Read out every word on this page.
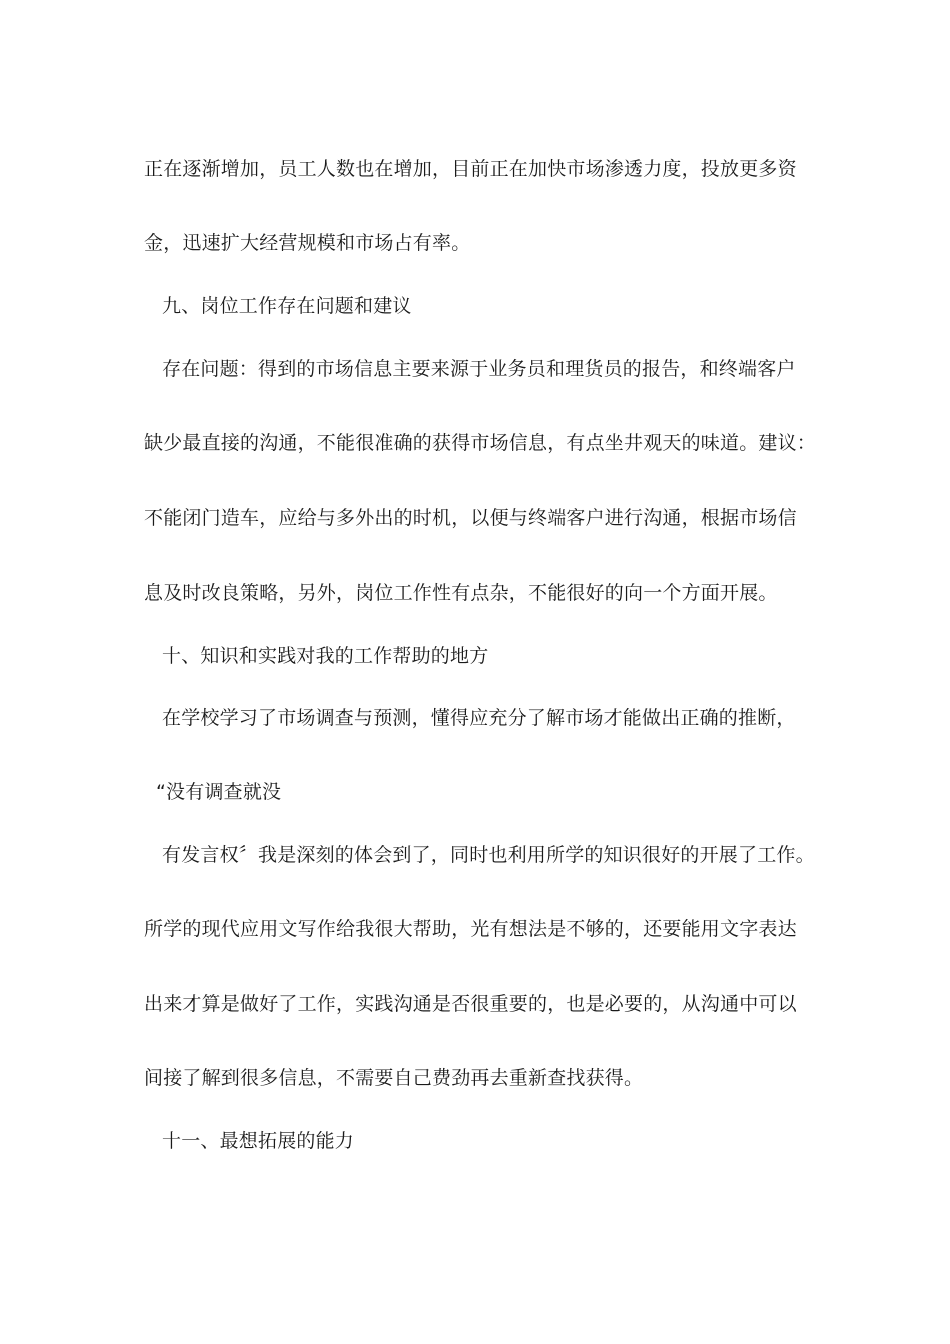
正在逐渐增加，员工人数也在增加，目前正在加快市场渗透力度，投放更多资

金，迅速扩大经营规模和市场占有率。

九、岗位工作存在问题和建议

存在问题：得到的市场信息主要来源于业务员和理货员的报告，和终端客户

缺少最直接的沟通，不能很准确的获得市场信息，有点坐井观天的味道。建议：

不能闭门造车，应给与多外出的时机，以便与终端客户进行沟通，根据市场信

息及时改良策略，另外，岗位工作性有点杂，不能很好的向一个方面开展。

十、知识和实践对我的工作帮助的地方

在学校学习了市场调查与预测，懂得应充分了解市场才能做出正确的推断，

“没有调查就没

有发言权〞我是深刻的体会到了，同时也利用所学的知识很好的开展了工作。

所学的现代应用文写作给我很大帮助，光有想法是不够的，还要能用文字表达

出来才算是做好了工作，实践沟通是否很重要的，也是必要的，从沟通中可以

间接了解到很多信息，不需要自己费劲再去重新查找获得。

十一、最想拓展的能力
